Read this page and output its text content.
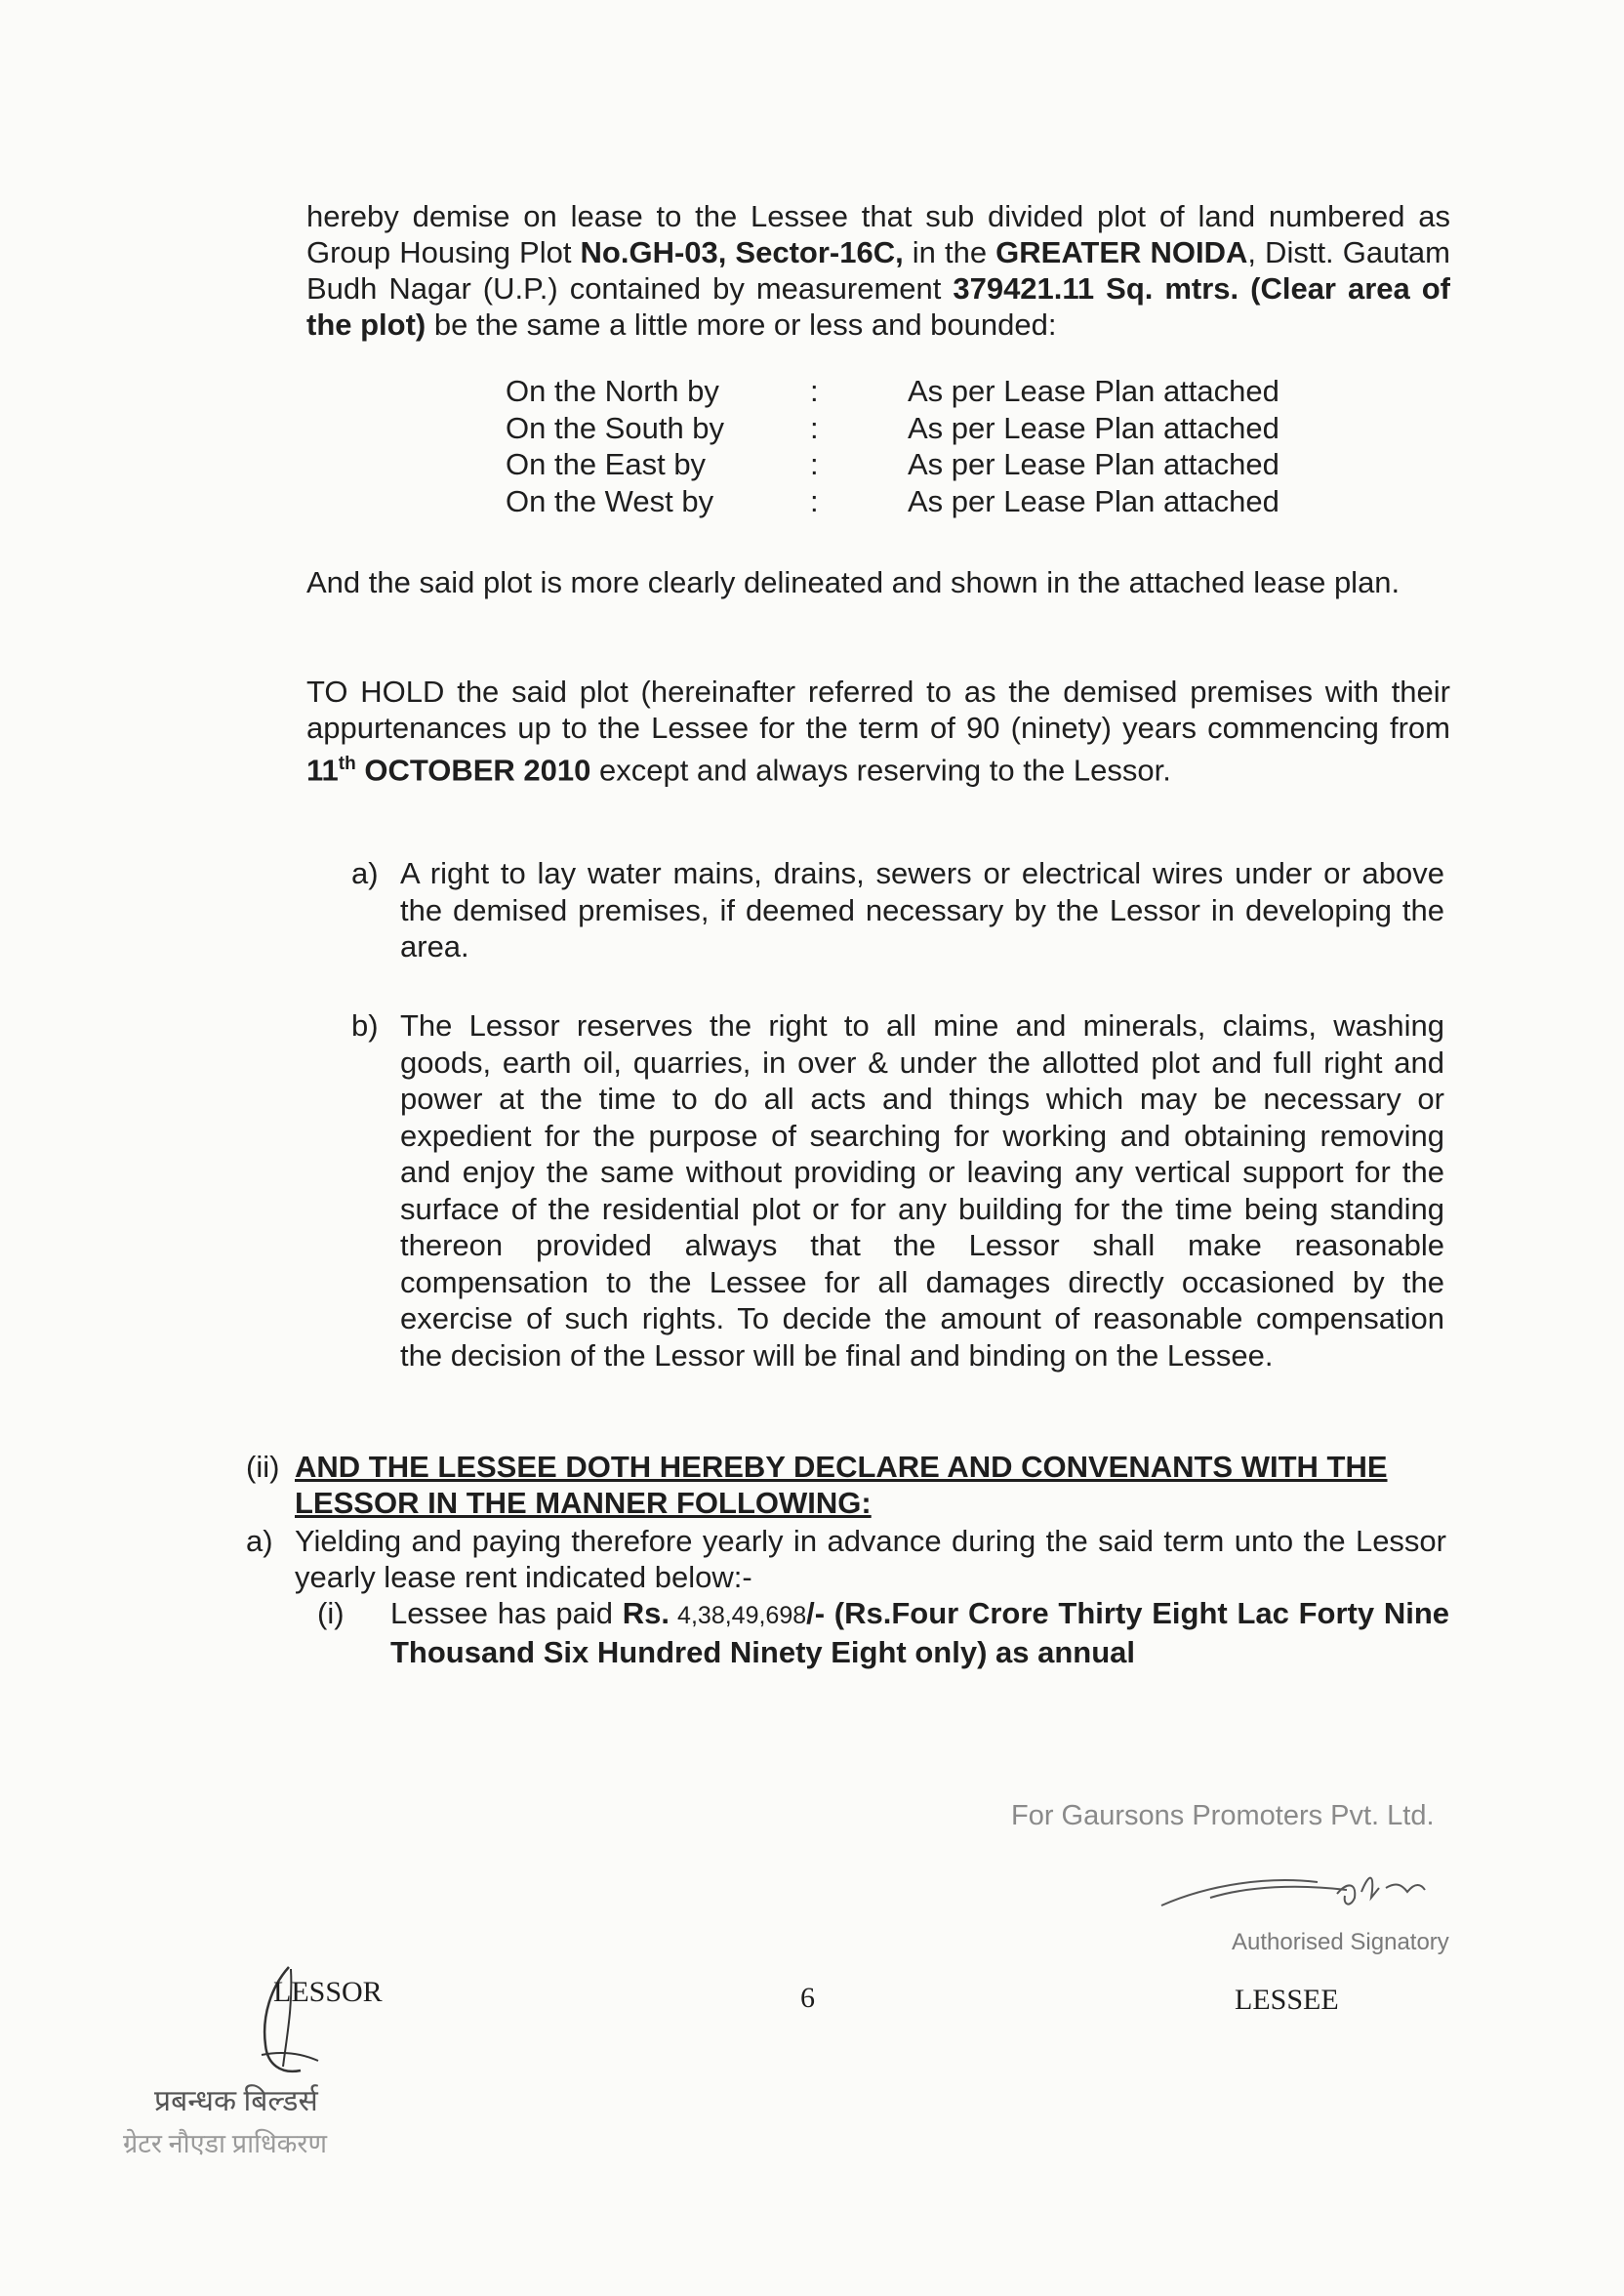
hereby demise on lease to the Lessee that sub divided plot of land numbered as Group Housing Plot No.GH-03, Sector-16C, in the GREATER NOIDA, Distt. Gautam Budh Nagar (U.P.) contained by measurement 379421.11 Sq. mtrs. (Clear area of the plot) be the same a little more or less and bounded:

On the North by	:	As per Lease Plan attached
On the South by	:	As per Lease Plan attached
On the East by	:	As per Lease Plan attached
On the West by	:	As per Lease Plan attached

And the said plot is more clearly delineated and shown in the attached lease plan.

TO HOLD the said plot (hereinafter referred to as the demised premises with their appurtenances up to the Lessee for the term of 90 (ninety) years commencing from 11th OCTOBER 2010 except and always reserving to the Lessor.

a) A right to lay water mains, drains, sewers or electrical wires under or above the demised premises, if deemed necessary by the Lessor in developing the area.
b) The Lessor reserves the right to all mine and minerals, claims, washing goods, earth oil, quarries, in over & under the allotted plot and full right and power at the time to do all acts and things which may be necessary or expedient for the purpose of searching for working and obtaining removing and enjoy the same without providing or leaving any vertical support for the surface of the residential plot or for any building for the time being standing thereon provided always that the Lessor shall make reasonable compensation to the Lessee for all damages directly occasioned by the exercise of such rights. To decide the amount of reasonable compensation the decision of the Lessor will be final and binding on the Lessee.
(ii) AND THE LESSEE DOTH HEREBY DECLARE AND CONVENANTS WITH THE LESSOR IN THE MANNER FOLLOWING:
a) Yielding and paying therefore yearly in advance during the said term unto the Lessor yearly lease rent indicated below:-
(i) Lessee has paid Rs. 4,38,49,698/- (Rs.Four Crore Thirty Eight Lac Forty Nine Thousand Six Hundred Ninety Eight only) as annual
For Gaursons Promoters Pvt. Ltd.
Authorised Signatory
LESSOR	6	LESSEE
प्रबन्धक बिल्डर्स
ग्रेटर नौएडा प्राधिकरण
